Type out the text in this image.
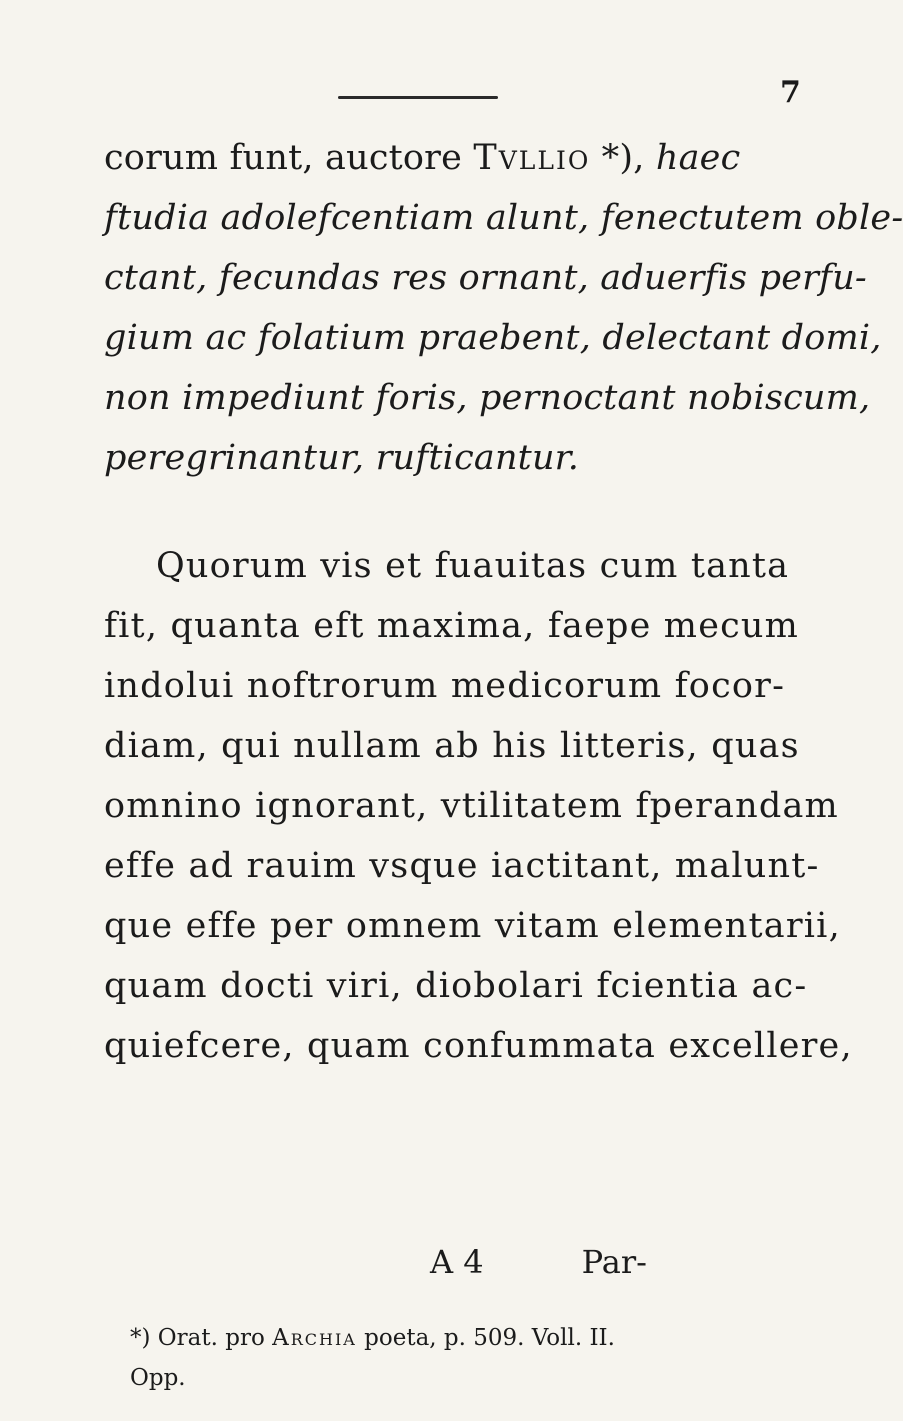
7

corum funt, auctore Tvllio *), haec

ftudia adolefcentiam alunt, fenectutem oble-

ctant, fecundas res ornant, aduerfis perfu-

gium ac folatium praebent, delectant domi,

non impediunt foris, pernoctant nobiscum,

peregrinantur, rufticantur.

Quorum vis et fuauitas cum tanta

fit, quanta eft maxima, faepe mecum

indolui noftrorum medicorum focor-

diam, qui nullam ab his litteris, quas

omnino ignorant, vtilitatem fperandam

effe ad rauim vsque iactitant, malunt-

que effe per omnem vitam elementarii,

quam docti viri, diobolari fcientia ac-

quiefcere, quam confummata excellere,

A 4	Par-
*) Orat. pro Archia poeta, p. 509. Voll. II.
Opp.
